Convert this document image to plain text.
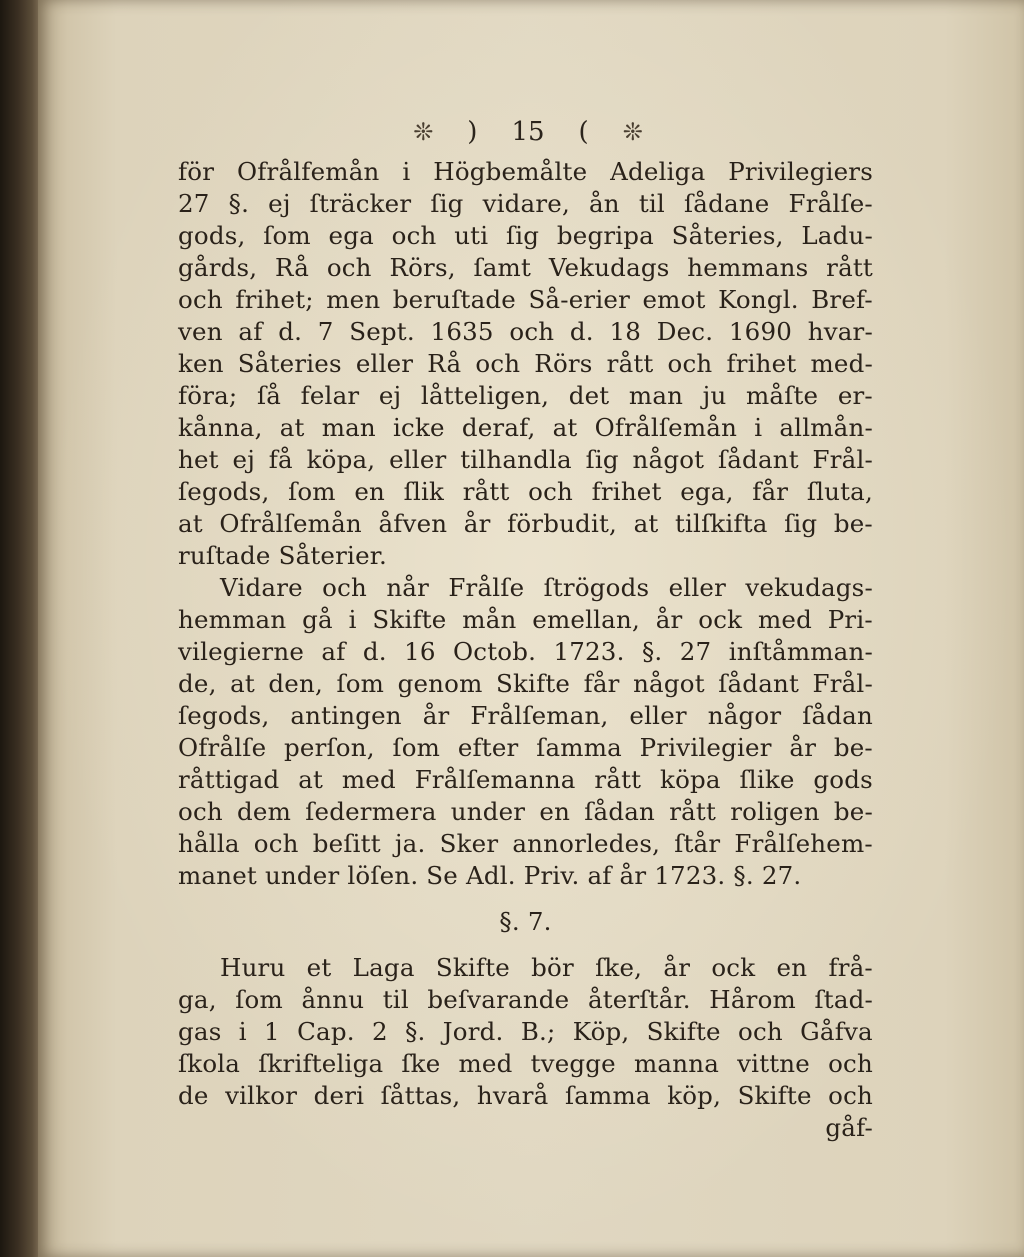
❊ ) 15 ( ❊
för Ofrålfemån i Högbemålte Adeliga Privilegiers
27 §. ej ſträcker ſig vidare, ån til ſådane Frålſe-
gods, ſom ega och uti ſig begripa Såteries, Ladu-
gårds, Rå och Rörs, ſamt Vekudags hemmans rått
och frihet; men beruſtade Så-erier emot Kongl. Bref-
ven af d. 7 Sept. 1635 och d. 18 Dec. 1690 hvar-
ken Såteries eller Rå och Rörs rått och frihet med-
föra; ſå felar ej låtteligen, det man ju måſte er-
kånna, at man icke deraf, at Ofrålſemån i allmån-
het ej få köpa, eller tilhandla ſig något ſådant Frål-
ſegods, ſom en ſlik rått och frihet ega, får ſluta,
at Ofrålſemån åfven år förbudit, at tilſkifta ſig be-
ruſtade Såterier.
Vidare och når Frålſe ſtrögods eller vekudags-
hemman gå i Skifte mån emellan, år ock med Pri-
vilegierne af d. 16 Octob. 1723. §. 27 inſtåmman-
de, at den, ſom genom Skifte får något ſådant Frål-
ſegods, antingen år Frålſeman, eller någor ſådan
Ofrålſe perſon, ſom efter ſamma Privilegier år be-
råttigad at med Frålſemanna rått köpa ſlike gods
och dem ſedermera under en ſådan rått roligen be-
hålla och beſitt ja. Sker annorledes, ſtår Frålſehem-
manet under löſen. Se Adl. Priv. af år 1723. §. 27.
§. 7.
Huru et Laga Skifte bör ſke, år ock en frå-
ga, ſom ånnu til beſvarande återſtår. Hårom ſtad-
gas i 1 Cap. 2 §. Jord. B.; Köp, Skifte och Gåfva
ſkola ſkrifteliga ſke med tvegge manna vittne och
de vilkor deri ſåttas, hvarå ſamma köp, Skifte och
gåf-
